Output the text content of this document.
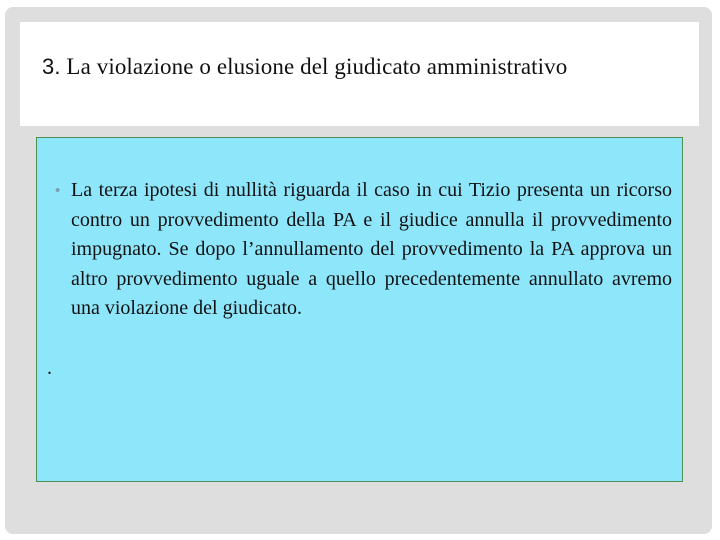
3. La violazione o elusione del giudicato amministrativo
• La terza ipotesi di nullità riguarda il caso in cui Tizio presenta un ricorso contro un provvedimento della PA e il giudice annulla il provvedimento impugnato. Se dopo l’annullamento del provvedimento la PA approva un altro provvedimento uguale a quello precedentemente annullato avremo una violazione del giudicato.
.
